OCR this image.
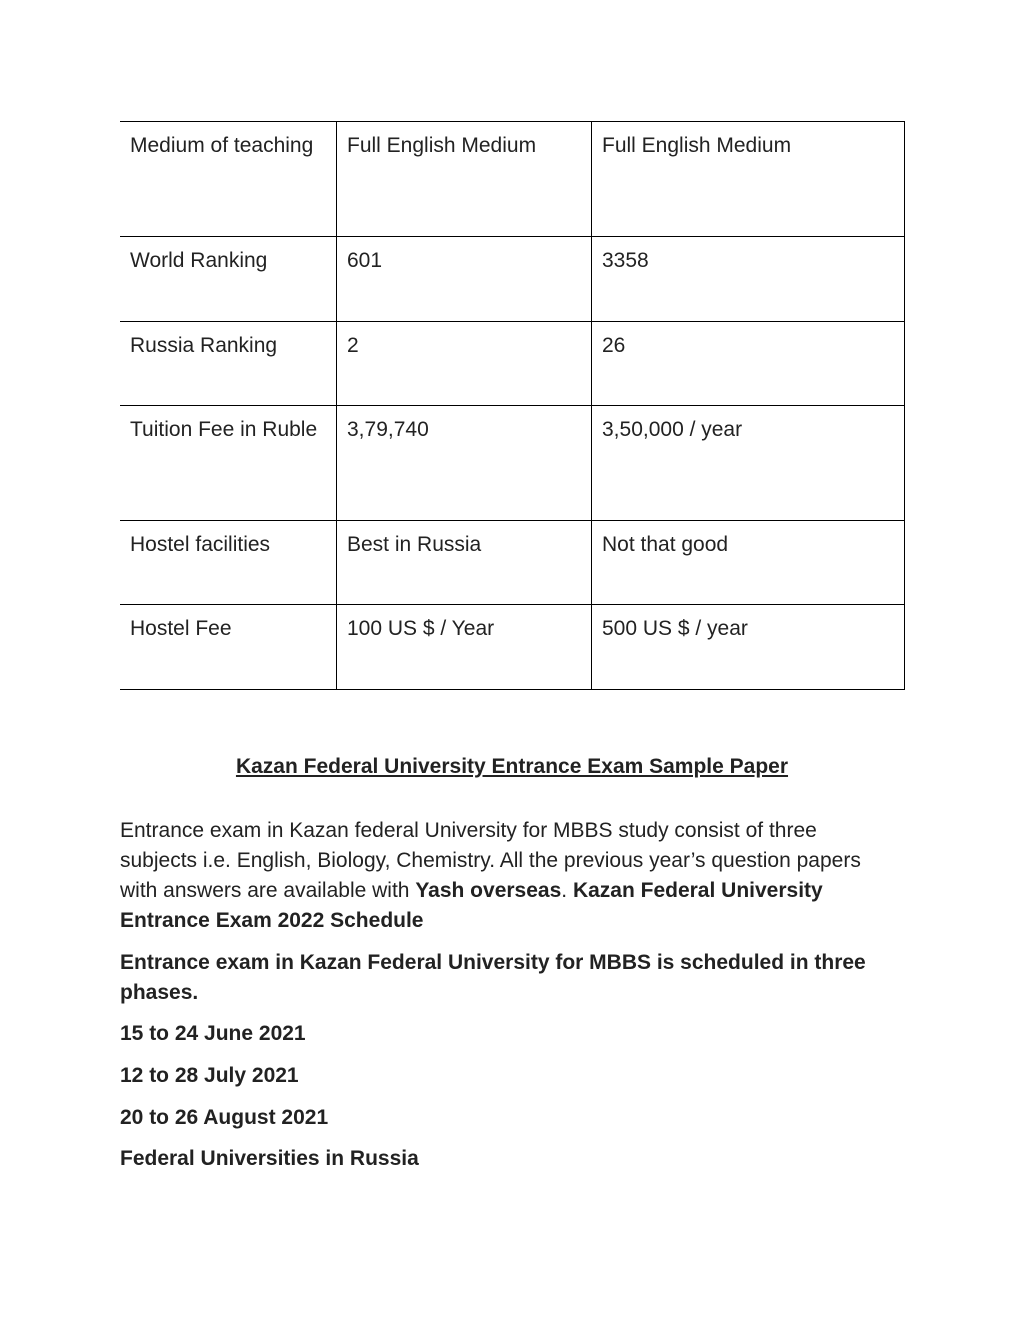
Medium of teaching	Full English Medium	Full English Medium
World Ranking	601	3358
Russia Ranking	2	26
Tuition Fee in Ruble	3,79,740	3,50,000 / year
Hostel facilities	Best in Russia	Not that good
Hostel Fee	100 US $ / Year	500 US $ / year
Kazan Federal University Entrance Exam Sample Paper
Entrance exam in Kazan federal University for MBBS study consist of three subjects i.e. English, Biology, Chemistry. All the previous year’s question papers with answers are available with Yash overseas. Kazan Federal University Entrance Exam 2022 Schedule
Entrance exam in Kazan Federal University for MBBS is scheduled in three phases.
15 to 24 June 2021
12 to 28 July 2021
20 to 26 August 2021
Federal Universities in Russia
